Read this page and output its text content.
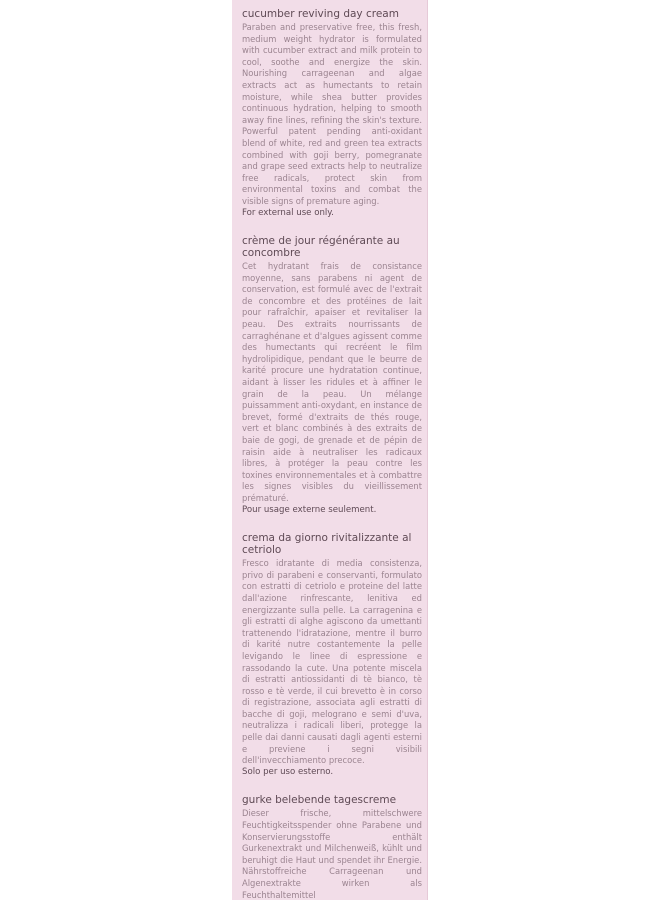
cucumber reviving day cream

Paraben and preservative free, this fresh, medium weight hydrator is formulated with cucumber extract and milk protein to cool, soothe and energize the skin. Nourishing carrageenan and algae extracts act as humectants to retain moisture, while shea butter provides continuous hydration, helping to smooth away fine lines, refining the skin's texture. Powerful patent pending anti-oxidant blend of white, red and green tea extracts combined with goji berry, pomegranate and grape seed extracts help to neutralize free radicals, protect skin from environmental toxins and combat the visible signs of premature aging.

For external use only.

crème de jour régénérante au concombre

Cet hydratant frais de consistance moyenne, sans parabens ni agent de conservation, est formulé avec de l'extrait de concombre et des protéines de lait pour rafraîchir, apaiser et revitaliser la peau. Des extraits nourrissants de carraghénane et d'algues agissent comme des humectants qui recréent le film hydrolipidique, pendant que le beurre de karité procure une hydratation continue, aidant à lisser les ridules et à affiner le grain de la peau. Un mélange puissamment anti-oxydant, en instance de brevet, formé d'extraits de thés rouge, vert et blanc combinés à des extraits de baie de gogi, de grenade et de pépin de raisin aide à neutraliser les radicaux libres, à protéger la peau contre les toxines environnementales et à combattre les signes visibles du vieillissement prématuré.

Pour usage externe seulement.

crema da giorno rivitalizzante al cetriolo

Fresco idratante di media consistenza, privo di parabeni e conservanti, formulato con estratti di cetriolo e proteine del latte dall'azione rinfrescante, lenitiva ed energizzante sulla pelle. La carragenina e gli estratti di alghe agiscono da umettanti trattenendo l'idratazione, mentre il burro di karité nutre costantemente la pelle levigando le linee di espressione e rassodando la cute. Una potente miscela di estratti antiossidanti di tè bianco, tè rosso e tè verde, il cui brevetto è in corso di registrazione, associata agli estratti di bacche di goji, melograno e semi d'uva, neutralizza i radicali liberi, protegge la pelle dai danni causati dagli agenti esterni e previene i segni visibili dell'invecchiamento precoce.

Solo per uso esterno.

gurke belebende tagescreme

Dieser frische, mittelschwere Feuchtigkeitsspender ohne Parabene und Konservierungsstoffe enthält Gurkenextrakt und Milchenweiß, kühlt und beruhigt die Haut und spendet ihr Energie. Nährstoffreiche Carrageenan und Algenextrakte wirken als Feuchthaltemittel
